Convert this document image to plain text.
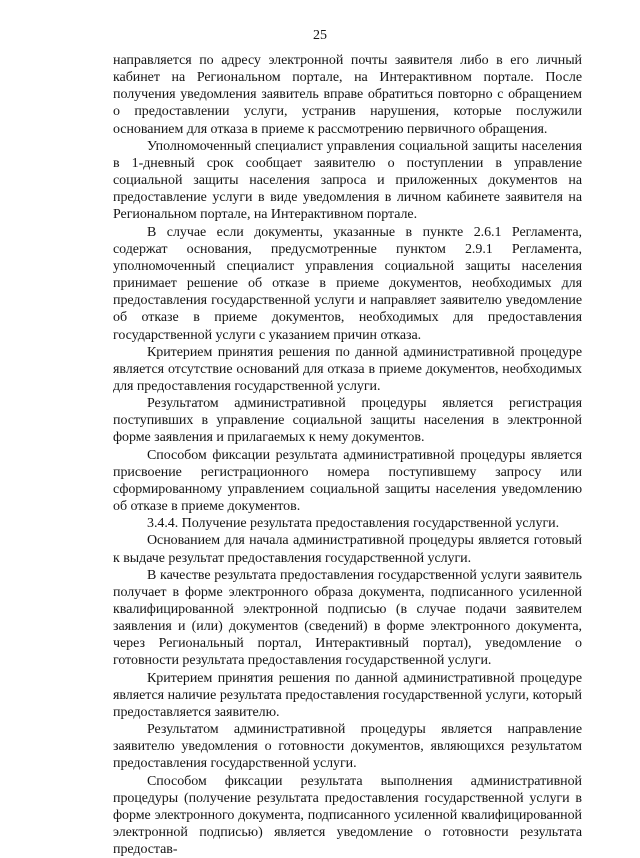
25

направляется по адресу электронной почты заявителя либо в его личный кабинет на Региональном портале, на Интерактивном портале. После получения уведомления заявитель вправе обратиться повторно с обращением о предоставлении услуги, устранив нарушения, которые послужили основанием для отказа в приеме к рассмотрению первичного обращения.

Уполномоченный специалист управления социальной защиты населения в 1-дневный срок сообщает заявителю о поступлении в управление социальной защиты населения запроса и приложенных документов на предоставление услуги в виде уведомления в личном кабинете заявителя на Региональном портале, на Интерактивном портале.

В случае если документы, указанные в пункте 2.6.1 Регламента, содержат основания, предусмотренные пунктом 2.9.1 Регламента, уполномоченный специалист управления социальной защиты населения принимает решение об отказе в приеме документов, необходимых для предоставления государственной услуги и направляет заявителю уведомление об отказе в приеме документов, необходимых для предоставления государственной услуги с указанием причин отказа.

Критерием принятия решения по данной административной процедуре является отсутствие оснований для отказа в приеме документов, необходимых для предоставления государственной услуги.

Результатом административной процедуры является регистрация поступивших в управление социальной защиты населения в электронной форме заявления и прилагаемых к нему документов.

Способом фиксации результата административной процедуры является присвоение регистрационного номера поступившему запросу или сформированному управлением социальной защиты населения уведомлению об отказе в приеме документов.

3.4.4. Получение результата предоставления государственной услуги.

Основанием для начала административной процедуры является готовый к выдаче результат предоставления государственной услуги.

В качестве результата предоставления государственной услуги заявитель получает в форме электронного образа документа, подписанного усиленной квалифицированной электронной подписью (в случае подачи заявителем заявления и (или) документов (сведений) в форме электронного документа, через Региональный портал, Интерактивный портал), уведомление о готовности результата предоставления государственной услуги.

Критерием принятия решения по данной административной процедуре является наличие результата предоставления государственной услуги, который предоставляется заявителю.

Результатом административной процедуры является направление заявителю уведомления о готовности документов, являющихся результатом предоставления государственной услуги.

Способом фиксации результата выполнения административной процедуры (получение результата предоставления государственной услуги в форме электронного документа, подписанного усиленной квалифицированной электронной подписью) является уведомление о готовности результата предостав-
